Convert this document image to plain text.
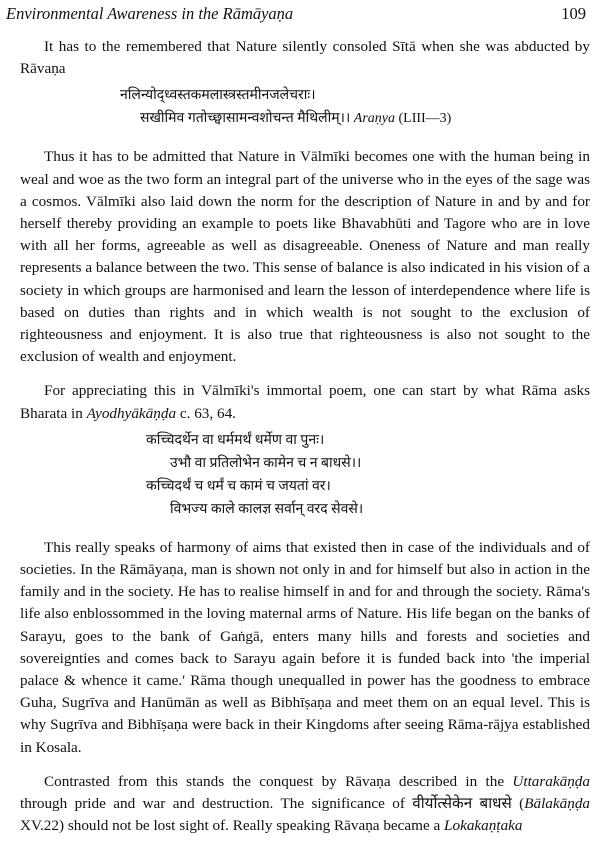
Environmental Awareness in the Rāmāyaṇa	109

It has to the remembered that Nature silently consoled Sītā when she was abducted by Rāvaṇa

नलिन्योद्ध्वस्तकमलास्त्रस्तमीनजलेचराः।
सखीमिव गतोच्छ्वासामन्वशोचन्त मैथिलीम्।। Araṇya (LIII—3)

Thus it has to be admitted that Nature in Vālmīki becomes one with the human being in weal and woe as the two form an integral part of the universe who in the eyes of the sage was a cosmos. Vālmīki also laid down the norm for the description of Nature in and by and for herself thereby providing an example to poets like Bhavabhūti and Tagore who are in love with all her forms, agreeable as well as disagreeable. Oneness of Nature and man really represents a balance between the two. This sense of balance is also indicated in his vision of a society in which groups are harmonised and learn the lesson of interdependence where life is based on duties than rights and in which wealth is not sought to the exclusion of righteousness and enjoyment. It is also true that righteousness is also not sought to the exclusion of wealth and enjoyment.

For appreciating this in Vālmīki's immortal poem, one can start by what Rāma asks Bharata in Ayodhyākāṇḍa c. 63, 64.

कच्चिदर्थेन वा धर्ममर्थं धर्मेण वा पुनः।
उभौ वा प्रतिलोभेन कामेन च न बाधसे।।
कच्चिदर्थं च धर्मं च कामं च जयतां वर।
विभज्य काले कालज्ञ सर्वान् वरद सेवसे।

This really speaks of harmony of aims that existed then in case of the individuals and of societies. In the Rāmāyaṇa, man is shown not only in and for himself but also in action in the family and in the society. He has to realise himself in and for and through the society. Rāma's life also enblossommed in the loving maternal arms of Nature. His life began on the banks of Sarayu, goes to the bank of Gaṅgā, enters many hills and forests and societies and sovereignties and comes back to Sarayu again before it is funded back into 'the imperial palace & whence it came.' Rāma though unequalled in power has the goodness to embrace Guha, Sugrīva and Hanūmān as well as Bibhīṣaṇa and meet them on an equal level. This is why Sugrīva and Bibhīṣaṇa were back in their Kingdoms after seeing Rāma-rājya established in Kosala.

Contrasted from this stands the conquest by Rāvaṇa described in the Uttarakāṇḍa through pride and war and destruction. The significance of वीर्योत्सेकेन बाधसे (Bālakāṇḍa XV.22) should not be lost sight of. Really speaking Rāvaṇa became a Lokakaṇṭaka
